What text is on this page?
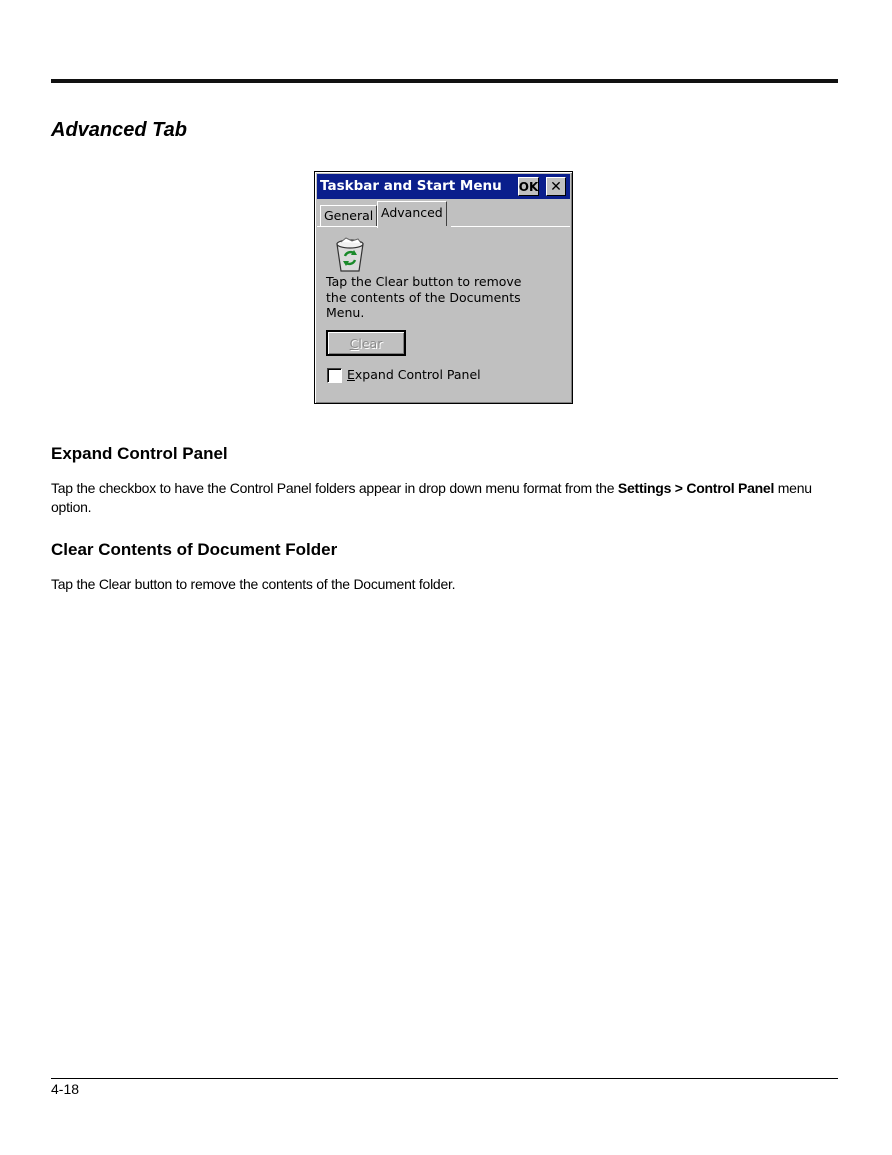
Advanced Tab
Taskbar and Start Menu OK ✕
General Advanced
Tap the Clear button to remove
the contents of the Documents
Menu.
Clear
Expand Control Panel
Expand Control Panel

Tap the checkbox to have the Control Panel folders appear in drop down menu format from the Settings > Control Panel menu option.

Clear Contents of Document Folder

Tap the Clear button to remove the contents of the Document folder.

4-18
